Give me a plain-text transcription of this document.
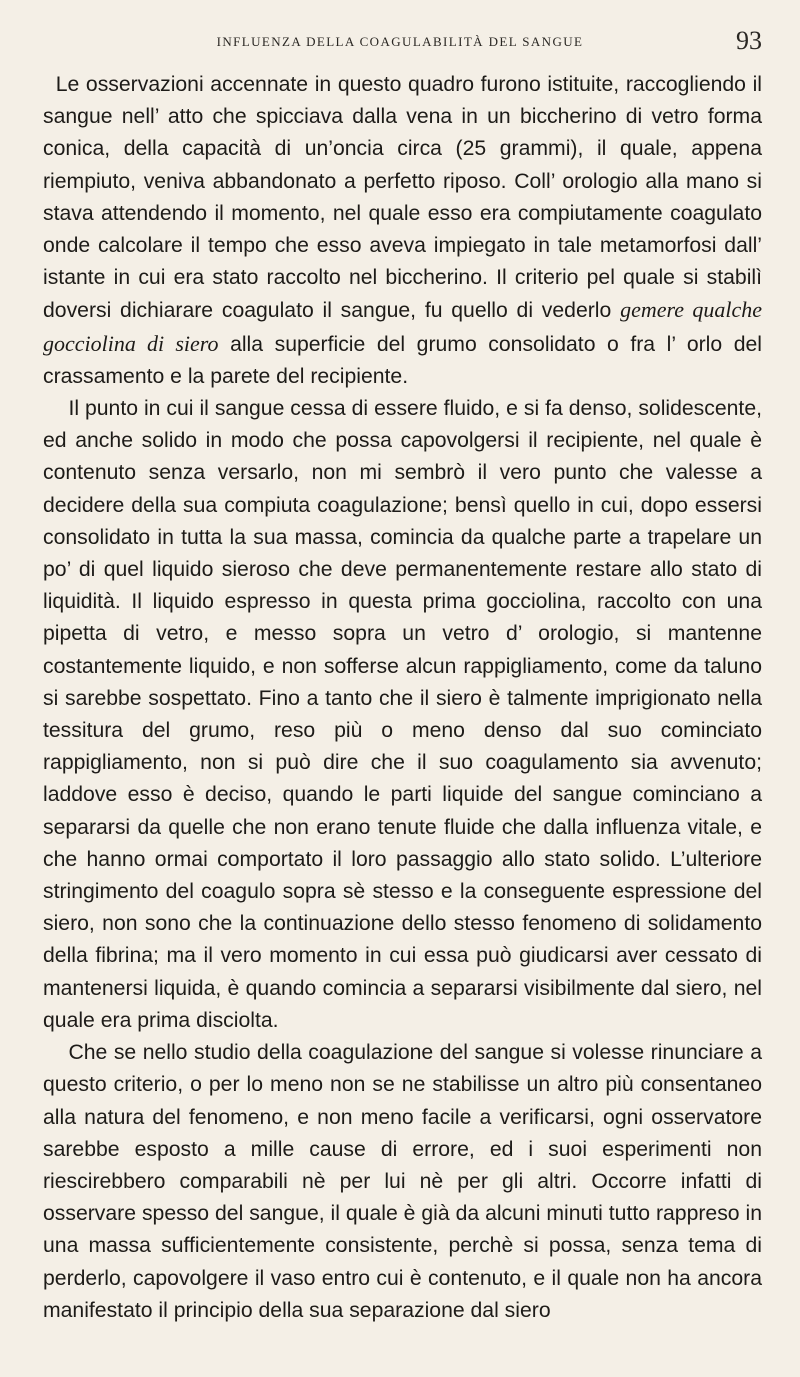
INFLUENZA DELLA COAGULABILITÀ DEL SANGUE	93

Le osservazioni accennate in questo quadro furono istituite, raccogliendo il sangue nell’ atto che spicciava dalla vena in un biccherino di vetro forma conica, della capacità di un’oncia circa (25 grammi), il quale, appena riempiuto, veniva abbandonato a perfetto riposo. Coll’ orologio alla mano si stava attendendo il momento, nel quale esso era compiutamente coagulato onde calcolare il tempo che esso aveva impiegato in tale metamorfosi dall’ istante in cui era stato raccolto nel biccherino. Il criterio pel quale si stabilì doversi dichiarare coagulato il sangue, fu quello di vederlo gemere qualche gocciolina di siero alla superficie del grumo consolidato o fra l’ orlo del crassamento e la parete del recipiente.

Il punto in cui il sangue cessa di essere fluido, e si fa denso, solidescente, ed anche solido in modo che possa capovolgersi il recipiente, nel quale è contenuto senza versarlo, non mi sembrò il vero punto che valesse a decidere della sua compiuta coagulazione; bensì quello in cui, dopo essersi consolidato in tutta la sua massa, comincia da qualche parte a trapelare un po’ di quel liquido sieroso che deve permanentemente restare allo stato di liquidità. Il liquido espresso in questa prima gocciolina, raccolto con una pipetta di vetro, e messo sopra un vetro d’ orologio, si mantenne costantemente liquido, e non sofferse alcun rappigliamento, come da taluno si sarebbe sospettato. Fino a tanto che il siero è talmente imprigionato nella tessitura del grumo, reso più o meno denso dal suo cominciato rappigliamento, non si può dire che il suo coagulamento sia avvenuto; laddove esso è deciso, quando le parti liquide del sangue cominciano a separarsi da quelle che non erano tenute fluide che dalla influenza vitale, e che hanno ormai comportato il loro passaggio allo stato solido. L’ulteriore stringimento del coagulo sopra sè stesso e la conseguente espressione del siero, non sono che la continuazione dello stesso fenomeno di solidamento della fibrina; ma il vero momento in cui essa può giudicarsi aver cessato di mantenersi liquida, è quando comincia a separarsi visibilmente dal siero, nel quale era prima disciolta.

Che se nello studio della coagulazione del sangue si volesse rinunciare a questo criterio, o per lo meno non se ne stabilisse un altro più consentaneo alla natura del fenomeno, e non meno facile a verificarsi, ogni osservatore sarebbe esposto a mille cause di errore, ed i suoi esperimenti non riescirebbero comparabili nè per lui nè per gli altri. Occorre infatti di osservare spesso del sangue, il quale è già da alcuni minuti tutto rappreso in una massa sufficientemente consistente, perchè si possa, senza tema di perderlo, capovolgere il vaso entro cui è contenuto, e il quale non ha ancora manifestato il principio della sua separazione dal siero
